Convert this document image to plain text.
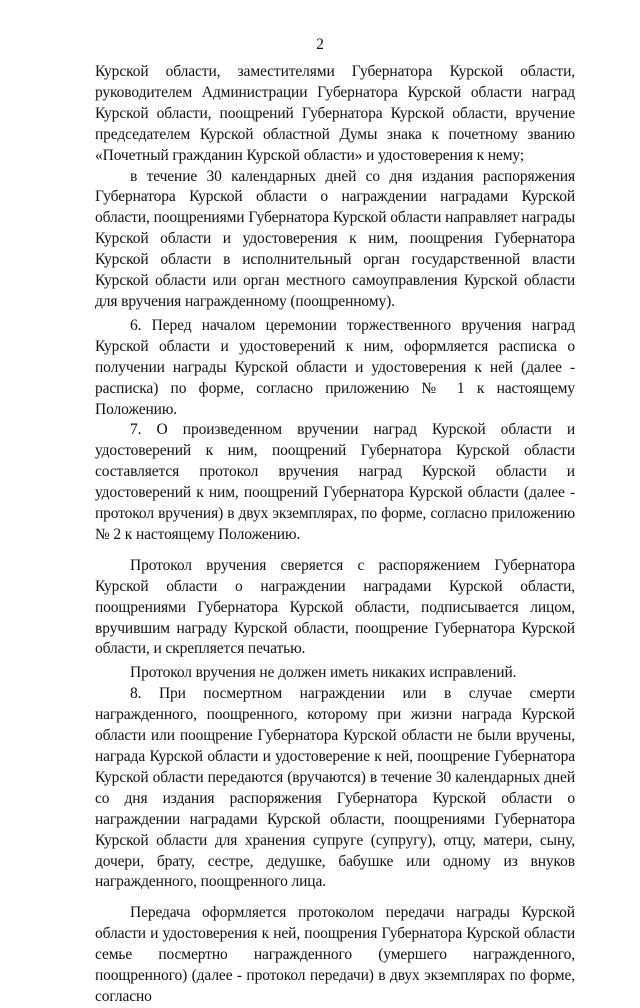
2

Курской области, заместителями Губернатора Курской области, руководителем Администрации Губернатора Курской области наград Курской области, поощрений Губернатора Курской области, вручение председателем Курской областной Думы знака к почетному званию «Почетный гражданин Курской области» и удостоверения к нему;

в течение 30 календарных дней со дня издания распоряжения Губернатора Курской области о награждении наградами Курской области, поощрениями Губернатора Курской области направляет награды Курской области и удостоверения к ним, поощрения Губернатора Курской области в исполнительный орган государственной власти Курской области или орган местного самоуправления Курской области для вручения награжденному (поощренному).

6. Перед началом церемонии торжественного вручения наград Курской области и удостоверений к ним, оформляется расписка о получении награды Курской области и удостоверения к ней (далее - расписка) по форме, согласно приложению № 1 к настоящему Положению.

7. О произведенном вручении наград Курской области и удостоверений к ним, поощрений Губернатора Курской области составляется протокол вручения наград Курской области и удостоверений к ним, поощрений Губернатора Курской области (далее - протокол вручения) в двух экземплярах, по форме, согласно приложению № 2 к настоящему Положению.

Протокол вручения сверяется с распоряжением Губернатора Курской области о награждении наградами Курской области, поощрениями Губернатора Курской области, подписывается лицом, вручившим награду Курской области, поощрение Губернатора Курской области, и скрепляется печатью.

Протокол вручения не должен иметь никаких исправлений.

8. При посмертном награждении или в случае смерти награжденного, поощренного, которому при жизни награда Курской области или поощрение Губернатора Курской области не были вручены, награда Курской области и удостоверение к ней, поощрение Губернатора Курской области передаются (вручаются) в течение 30 календарных дней со дня издания распоряжения Губернатора Курской области о награждении наградами Курской области, поощрениями Губернатора Курской области для хранения супруге (супругу), отцу, матери, сыну, дочери, брату, сестре, дедушке, бабушке или одному из внуков награжденного, поощренного лица.

Передача оформляется протоколом передачи награды Курской области и удостоверения к ней, поощрения Губернатора Курской области семье посмертно награжденного (умершего награжденного, поощренного) (далее - протокол передачи) в двух экземплярах по форме, согласно
